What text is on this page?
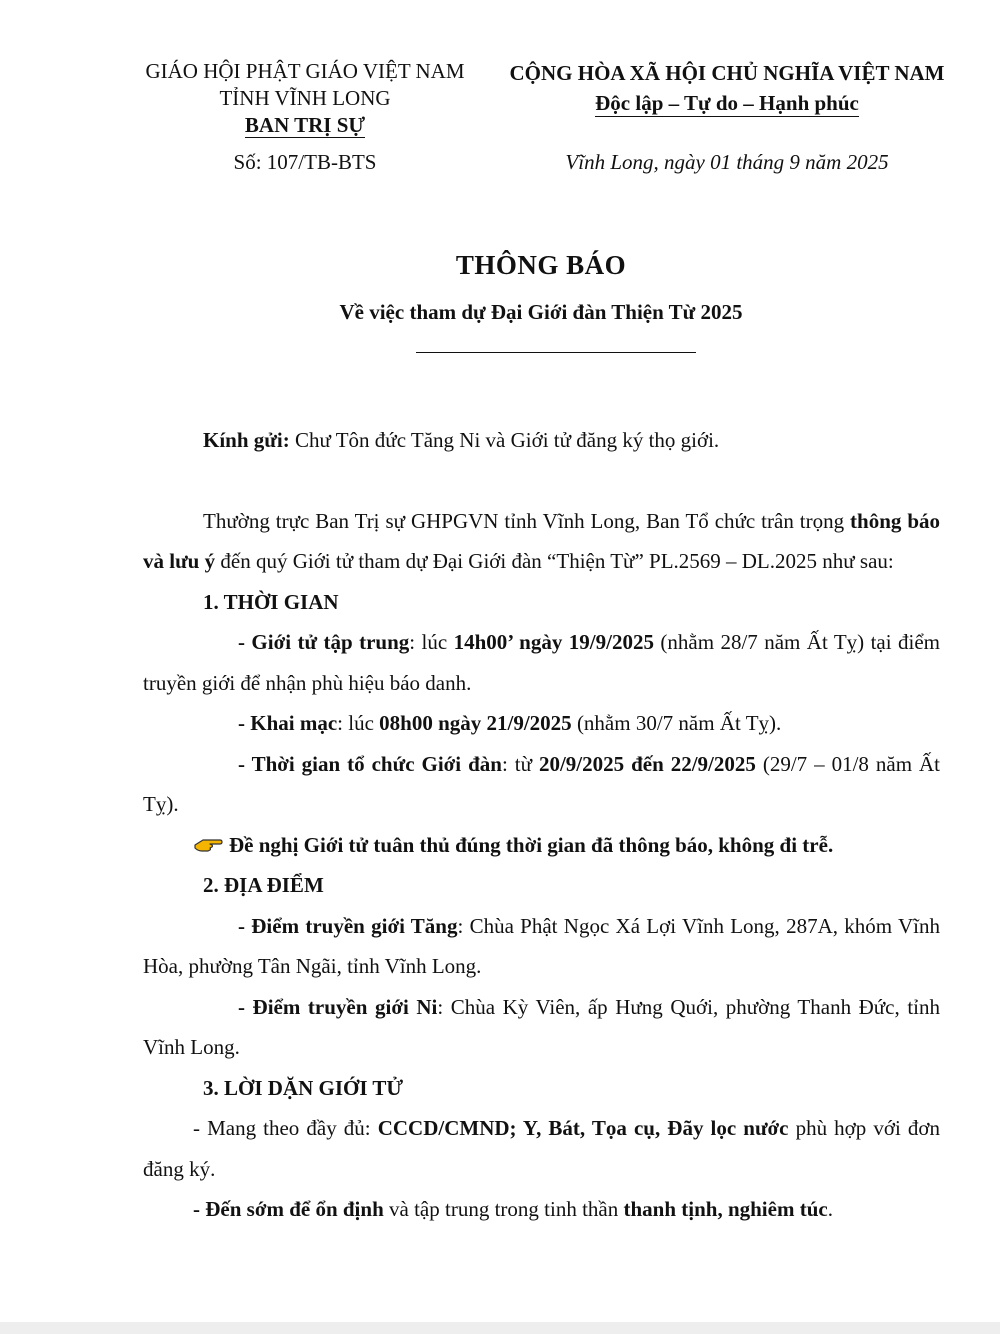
GIÁO HỘI PHẬT GIÁO VIỆT NAM
TỈNH VĨNH LONG
BAN TRỊ SỰ
CỘNG HÒA XÃ HỘI CHỦ NGHĨA VIỆT NAM
Độc lập – Tự do – Hạnh phúc
Số: 107/TB-BTS	Vĩnh Long, ngày 01 tháng 9 năm 2025
THÔNG BÁO
Về việc tham dự Đại Giới đàn Thiện Từ 2025

Kính gửi: Chư Tôn đức Tăng Ni và Giới tử đăng ký thọ giới.

Thường trực Ban Trị sự GHPGVN tỉnh Vĩnh Long, Ban Tổ chức trân trọng thông báo và lưu ý đến quý Giới tử tham dự Đại Giới đàn “Thiện Từ” PL.2569 – DL.2025 như sau:

1. THỜI GIAN

- Giới tử tập trung: lúc 14h00’ ngày 19/9/2025 (nhằm 28/7 năm Ất Tỵ) tại điểm truyền giới để nhận phù hiệu báo danh.

- Khai mạc: lúc 08h00 ngày 21/9/2025 (nhằm 30/7 năm Ất Tỵ).

- Thời gian tổ chức Giới đàn: từ 20/9/2025 đến 22/9/2025 (29/7 – 01/8 năm Ất Tỵ).

Đề nghị Giới tử tuân thủ đúng thời gian đã thông báo, không đi trễ.

2. ĐỊA ĐIỂM

- Điểm truyền giới Tăng: Chùa Phật Ngọc Xá Lợi Vĩnh Long, 287A, khóm Vĩnh Hòa, phường Tân Ngãi, tỉnh Vĩnh Long.

- Điểm truyền giới Ni: Chùa Kỳ Viên, ấp Hưng Quới, phường Thanh Đức, tỉnh Vĩnh Long.

3. LỜI DẶN GIỚI TỬ

- Mang theo đầy đủ: CCCD/CMND; Y, Bát, Tọa cụ, Đãy lọc nước phù hợp với đơn đăng ký.

- Đến sớm để ổn định và tập trung trong tinh thần thanh tịnh, nghiêm túc.
